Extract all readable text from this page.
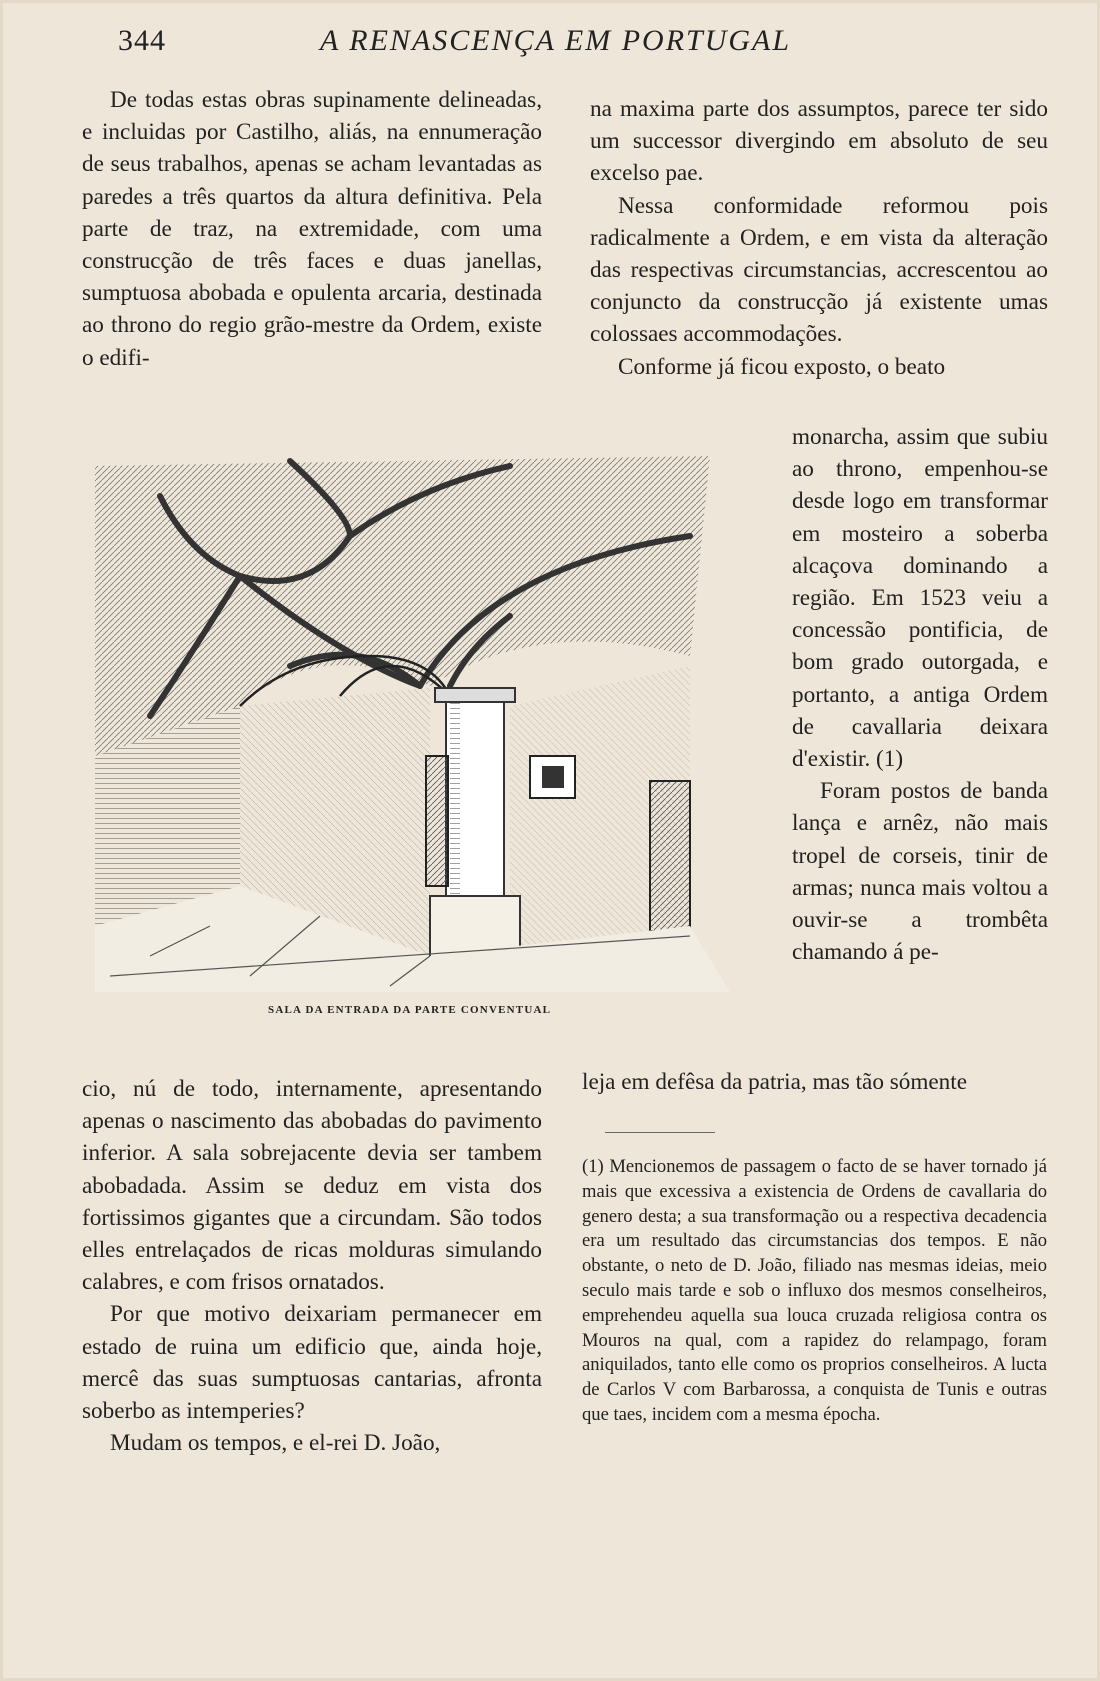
344	A RENASCENÇA EM PORTUGAL

De todas estas obras supinamente delineadas, e incluidas por Castilho, aliás, na ennumeração de seus trabalhos, apenas se acham levantadas as paredes a três quartos da altura definitiva. Pela parte de traz, na extremidade, com uma construcção de três faces e duas janellas, sumptuosa abobada e opulenta arcaria, destinada ao throno do regio grão-mestre da Ordem, existe o edifi-

SALA DA ENTRADA DA PARTE CONVENTUAL

cio, nú de todo, internamente, apresentando apenas o nascimento das abobadas do pavimento inferior. A sala sobrejacente devia ser tambem abobadada. Assim se deduz em vista dos fortissimos gigantes que a circundam. São todos elles entrelaçados de ricas molduras simulando calabres, e com frisos ornatados.

Por que motivo deixariam permanecer em estado de ruina um edificio que, ainda hoje, mercê das suas sumptuosas cantarias, afronta soberbo as intemperies?

Mudam os tempos, e el-rei D. João,

na maxima parte dos assumptos, parece ter sido um successor divergindo em absoluto de seu excelso pae.

Nessa conformidade reformou pois radicalmente a Ordem, e em vista da alteração das respectivas circumstancias, accrescentou ao conjuncto da construcção já existente umas colossaes accommodações.

Conforme já ficou exposto, o beato

monarcha, assim que subiu ao throno, empenhou-se desde logo em transformar em mosteiro a soberba alcaçova dominando a região. Em 1523 veiu a concessão pontificia, de bom grado outorgada, e portanto, a antiga Ordem de cavallaria deixara d'existir. (1)

Foram postos de banda lança e arnêz, não mais tropel de corseis, tinir de armas; nunca mais voltou a ouvir-se a trombêta chamando á pe-

leja em defêsa da patria, mas tão sómente

(1) Mencionemos de passagem o facto de se haver tornado já mais que excessiva a existencia de Ordens de cavallaria do genero desta; a sua transformação ou a respectiva decadencia era um resultado das circumstancias dos tempos. E não obstante, o neto de D. João, filiado nas mesmas ideias, meio seculo mais tarde e sob o influxo dos mesmos conselheiros, emprehendeu aquella sua louca cruzada religiosa contra os Mouros na qual, com a rapidez do relampago, foram aniquilados, tanto elle como os proprios conselheiros. A lucta de Carlos V com Barbarossa, a conquista de Tunis e outras que taes, incidem com a mesma épocha.
